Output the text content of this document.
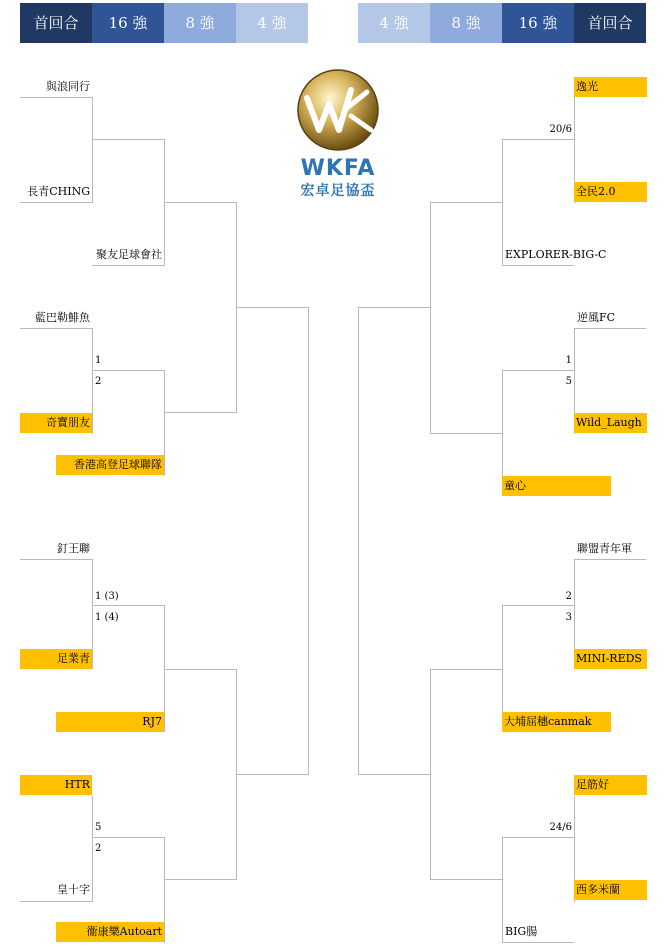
首回合	16 強	8 強	4 強	4 強	8 強	16 強	首回合
WKFA
宏卓足協盃
與浪同行
長青CHING
藍巴勒鯡魚
奇寶朋友
釘王聯
足業青
HTR
皇十字
聚友足球會社
香港高登足球聯隊
RJ7
衞康樂Autoart
1
2
1 (3)
1 (4)
5
2
逸光
全民2.0
逆風FC
Wild_Laugh
聯盟青年軍
MINI-REDS
足筋好
西多米蘭
EXPLORER-BIG-C
童心
大埔屈穗canmak
BIG腸
20/6
1
5
2
3
24/6
